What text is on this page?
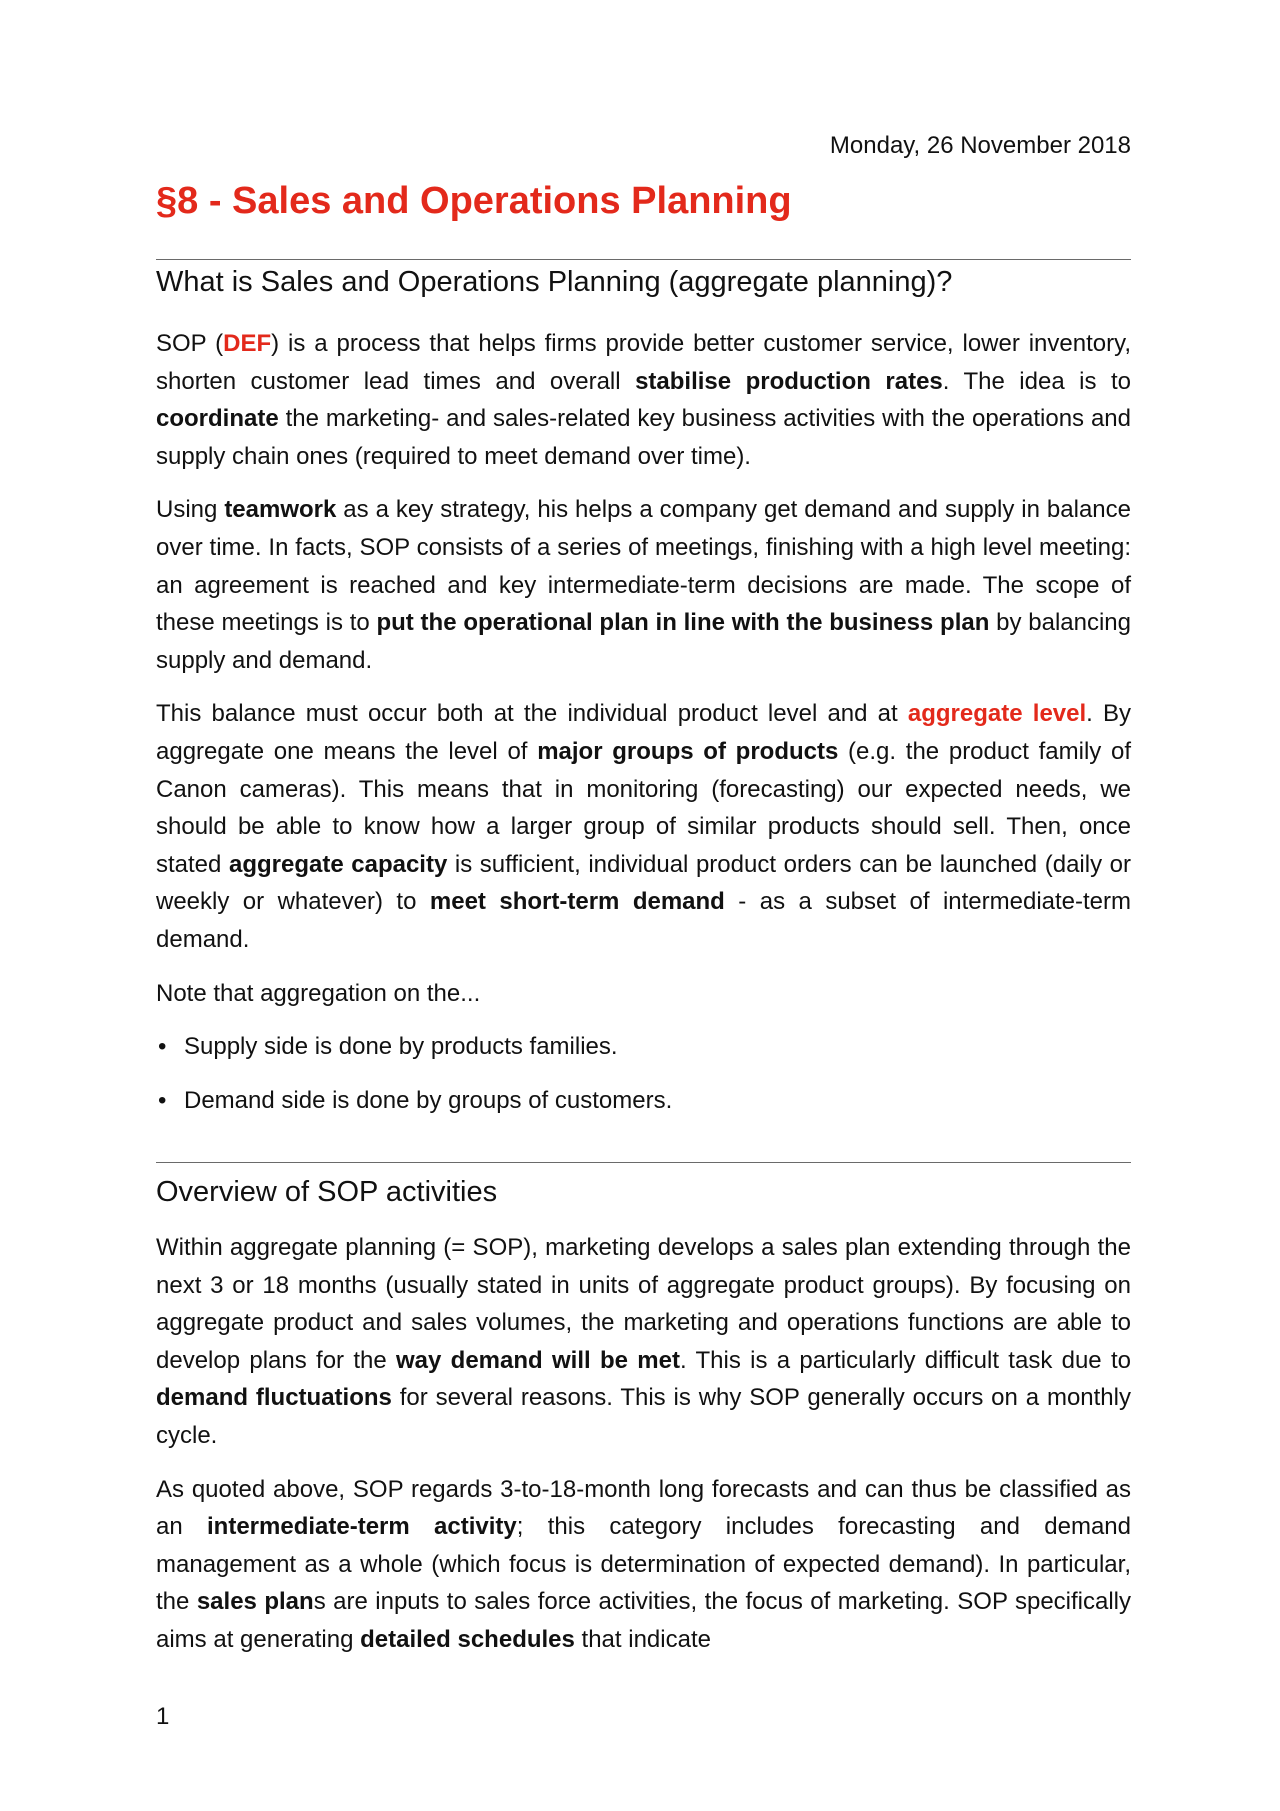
Monday, 26 November 2018
§8 - Sales and Operations Planning
What is Sales and Operations Planning (aggregate planning)?

SOP (DEF) is a process that helps firms provide better customer service, lower inventory, shorten customer lead times and overall stabilise production rates. The idea is to coordinate the marketing- and sales-related key business activities with the operations and supply chain ones (required to meet demand over time).

Using teamwork as a key strategy, his helps a company get demand and supply in balance over time. In facts, SOP consists of a series of meetings, finishing with a high level meeting: an agreement is reached and key intermediate-term decisions are made. The scope of these meetings is to put the operational plan in line with the business plan by balancing supply and demand.

This balance must occur both at the individual product level and at aggregate level. By aggregate one means the level of major groups of products (e.g. the product family of Canon cameras). This means that in monitoring (forecasting) our expected needs, we should be able to know how a larger group of similar products should sell. Then, once stated aggregate capacity is sufficient, individual product orders can be launched (daily or weekly or whatever) to meet short-term demand - as a subset of intermediate-term demand.

Note that aggregation on the...

• Supply side is done by products families.
• Demand side is done by groups of customers.
Overview of SOP activities

Within aggregate planning (= SOP), marketing develops a sales plan extending through the next 3 or 18 months (usually stated in units of aggregate product groups). By focusing on aggregate product and sales volumes, the marketing and operations functions are able to develop plans for the way demand will be met. This is a particularly difficult task due to demand fluctuations for several reasons. This is why SOP generally occurs on a monthly cycle.

As quoted above, SOP regards 3-to-18-month long forecasts and can thus be classified as an intermediate-term activity; this category includes forecasting and demand management as a whole (which focus is determination of expected demand). In particular, the sales plans are inputs to sales force activities, the focus of marketing. SOP specifically aims at generating detailed schedules that indicate

1
